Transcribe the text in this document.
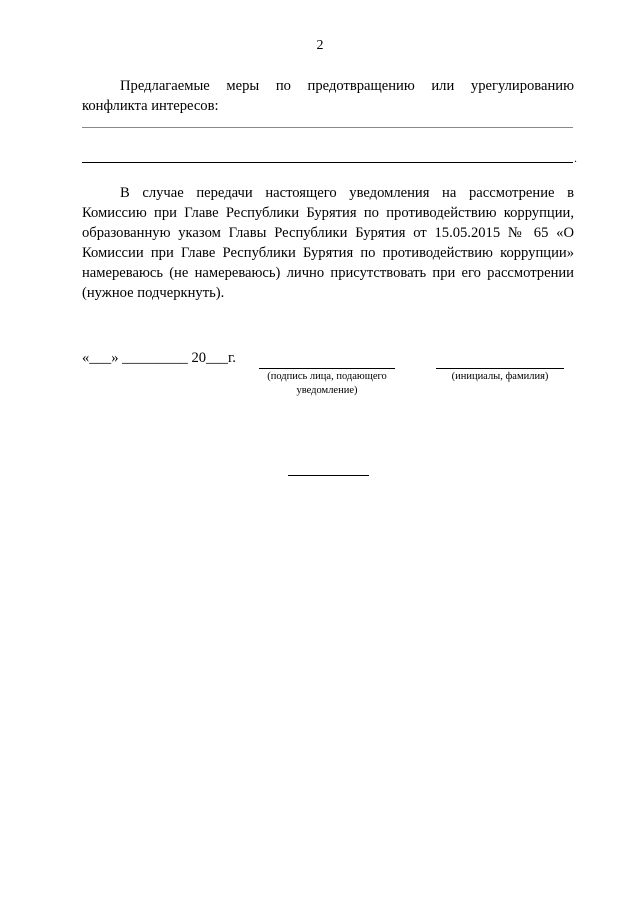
2

Предлагаемые меры по предотвращению или урегулированию конфликта интересов:

.

В случае передачи настоящего уведомления на рассмотрение в Комиссию при Главе Республики Бурятия по противодействию коррупции, образованную указом Главы Республики Бурятия от 15.05.2015 № 65 «О Комиссии при Главе Республики Бурятия по противодействию коррупции» намереваюсь (не намереваюсь) лично присутствовать при его рассмотрении (нужное подчеркнуть).

«___» _________ 20___г.
(подпись лица, подающего уведомление)
(инициалы, фамилия)
